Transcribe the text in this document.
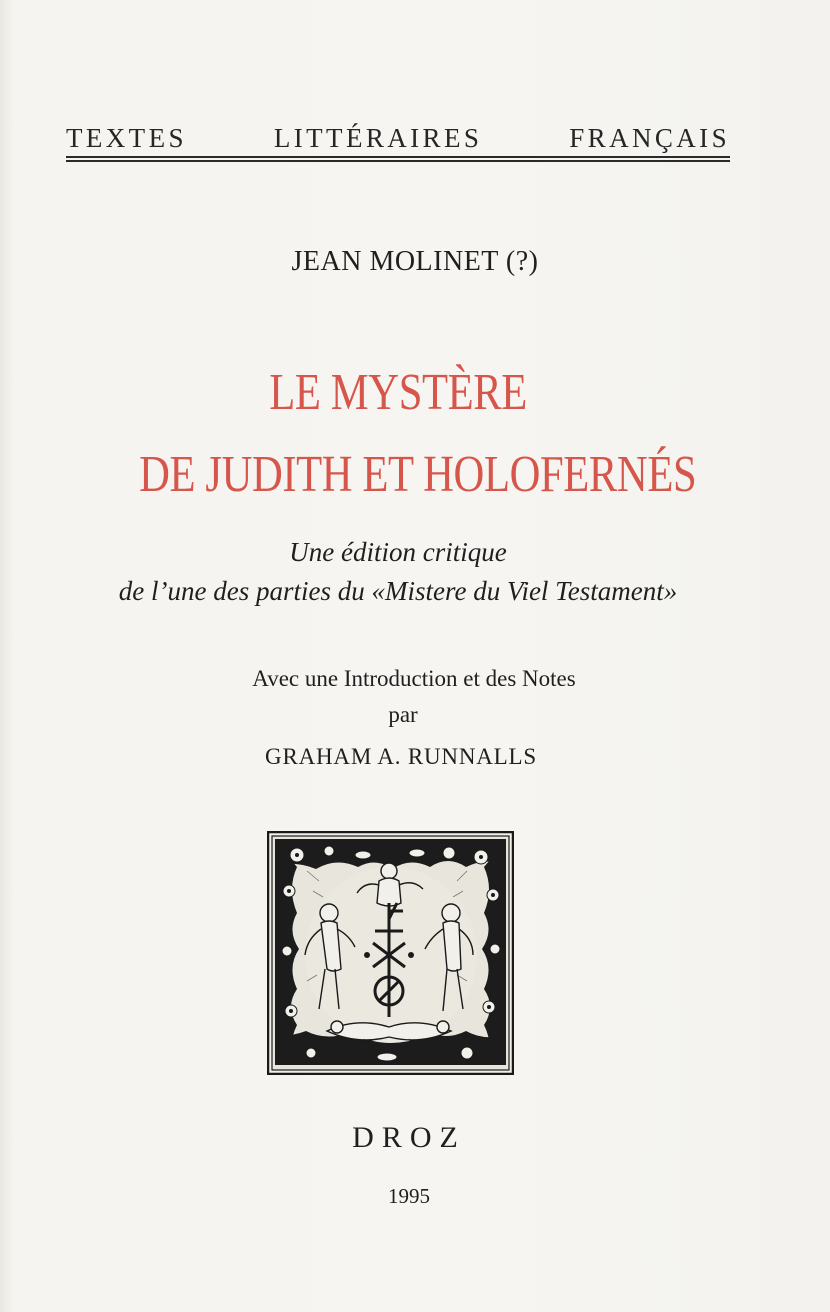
TEXTES LITTÉRAIRES FRANÇAIS
JEAN MOLINET (?)
LE MYSTÈRE
DE JUDITH ET HOLOFERNÉS
Une édition critique
de l’une des parties du «Mistere du Viel Testament»
Avec une Introduction et des Notes
par
GRAHAM A. RUNNALLS
DROZ
1995
